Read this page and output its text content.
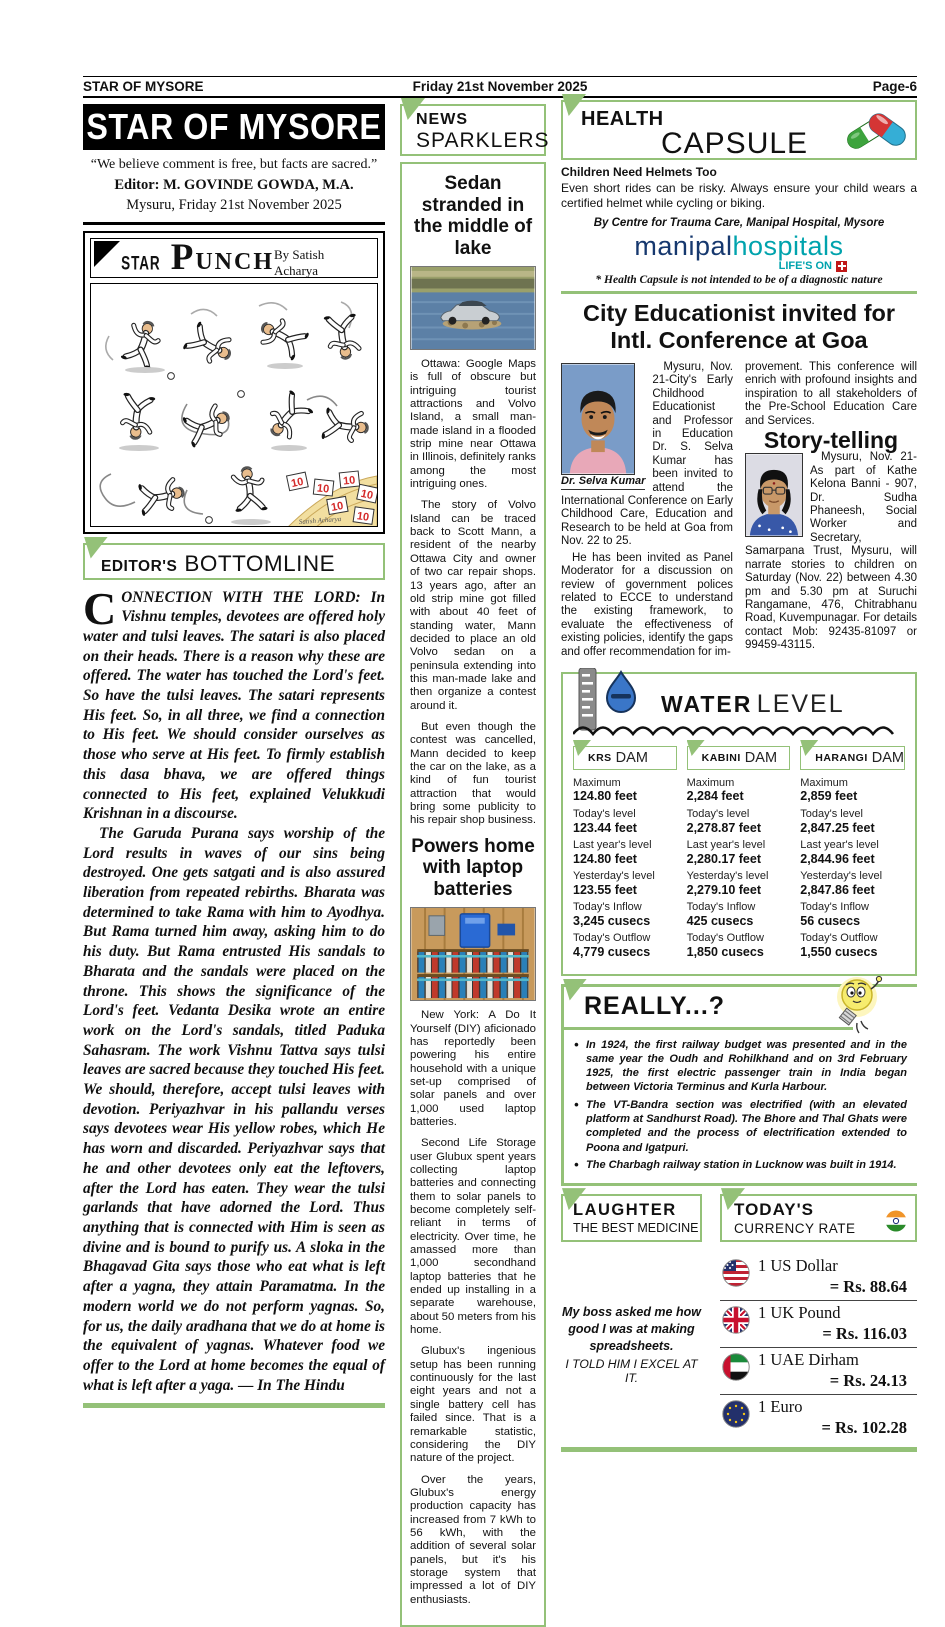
STAR OF MYSORE	Friday 21st November 2025	Page-6
STAR OF MYSORE
“We believe comment is free, but facts are sacred.”
Editor: M. GOVINDE GOWDA, M.A.
Mysuru, Friday 21st November 2025
STAR PUNCH By Satish Acharya
10 10
10
10
10
10
Satish Acharya
EDITOR'S BOTTOMLINE

CONNECTION WITH THE LORD: In Vishnu temples, devotees are offered holy water and tulsi leaves. The satari is also placed on their heads. There is a reason why these are offered. The water has touched the Lord's feet. So have the tulsi leaves. The satari represents His feet. So, in all three, we find a connection to His feet. We should consider ourselves as those who serve at His feet. To firmly establish this dasa bhava, we are offered things connected to His feet, explained Velukkudi Krishnan in a discourse.

The Garuda Purana says worship of the Lord results in waves of our sins being destroyed. One gets satgati and is also assured liberation from repeated rebirths. Bharata was determined to take Rama with him to Ayodhya. But Rama turned him away, asking him to do his duty. But Rama entrusted His sandals to Bharata and the sandals were placed on the throne. This shows the significance of the Lord's feet. Vedanta Desika wrote an entire work on the Lord's sandals, titled Paduka Sahasram. The work Vishnu Tattva says tulsi leaves are sacred because they touched His feet. We should, therefore, accept tulsi leaves with devotion. Periyazhvar in his pallandu verses says devotees wear His yellow robes, which He has worn and discarded. Periyazhvar says that he and other devotees only eat the leftovers, after the Lord has eaten. They wear the tulsi garlands that have adorned the Lord. Thus anything that is connected with Him is seen as divine and is bound to purify us. A sloka in the Bhagavad Gita says those who eat what is left after a yagna, they attain Paramatma. In the modern world we do not perform yagnas. So, for us, the daily aradhana that we do at home is the equivalent of yagnas. Whatever food we offer to the Lord at home becomes the equal of what is left after a yaga. — In The Hindu

NEWS
SPARKLERS
Sedan stranded in the middle of lake

Ottawa: Google Maps is full of obscure but intriguing tourist attractions and Volvo Island, a small man-made island in a flooded strip mine near Ottawa in Illinois, definitely ranks among the most intriguing ones.

The story of Volvo Island can be traced back to Scott Mann, a resident of the nearby Ottawa City and owner of two car repair shops. 13 years ago, after an old strip mine got filled with about 40 feet of standing water, Mann decided to place an old Volvo sedan on a peninsula extending into this man-made lake and then organize a contest around it.

But even though the contest was cancelled, Mann decided to keep the car on the lake, as a kind of fun tourist attraction that would bring some publicity to his repair shop business.

Powers home with laptop batteries

New York: A Do It Yourself (DIY) aficionado has reportedly been powering his entire household with a unique set-up comprised of solar panels and over 1,000 used laptop batteries.

Second Life Storage user Glubux spent years collecting laptop batteries and connecting them to solar panels to become completely self-reliant in terms of electricity. Over time, he amassed more than 1,000 secondhand laptop batteries that he ended up installing in a separate warehouse, about 50 meters from his home.

Glubux's ingenious setup has been running continuously for the last eight years and not a single battery cell has failed since. That is a remarkable statistic, considering the DIY nature of the project.

Over the years, Glubux's energy production capacity has increased from 7 kWh to 56 kWh, with the addition of several solar panels, but it's his storage system that impressed a lot of DIY enthusiasts.

HEALTH
CAPSULE
Children Need Helmets Too
Even short rides can be risky. Always ensure your child wears a certified helmet while cycling or biking.
By Centre for Trauma Care, Manipal Hospital, Mysore
manipal hospitals
LIFE'S ON
* Health Capsule is not intended to be of a diagnostic nature
City Educationist invited for Intl. Conference at Goa
Dr. Selva Kumar

Mysuru, Nov. 21-City's Early Childhood Educationist and Professor in Education Dr. S. Selva Kumar has been invited to attend the International Conference on Early Childhood Care, Education and Research to be held at Goa from Nov. 22 to 25.

He has been invited as Panel Moderator for a discussion on review of government polices related to ECCE to understand the existing framework, to evaluate the effectiveness of existing policies, identify the gaps and offer recommendation for im-

provement. This conference will enrich with profound insights and inspiration to all stakeholders of the Pre-School Education Care and Services.

Story-telling

Mysuru, Nov. 21- As part of Kathe Kelona Banni - 907, Dr. Sudha Phaneesh, Social Worker and Secretary, Samarpana Trust, Mysuru, will narrate stories to children on Saturday (Nov. 22) between 4.30 pm and 5.30 pm at Suruchi Rangamane, 476, Chitrabhanu Road, Kuvempunagar. For details contact Mob: 92435-81097 or 99459-43115.

WATER LEVEL
KRS DAM
Maximum
124.80 feet
Today's level
123.44 feet
Last year's level
124.80 feet
Yesterday's level
123.55 feet
Today's Inflow
3,245 cusecs
Today's Outflow
4,779 cusecs
KABINI DAM
Maximum
2,284 feet
Today's level
2,278.87 feet
Last year's level
2,280.17 feet
Yesterday's level
2,279.10 feet
Today's Inflow
425 cusecs
Today's Outflow
1,850 cusecs
HARANGI DAM
Maximum
2,859 feet
Today's level
2,847.25 feet
Last year's level
2,844.96 feet
Yesterday's level
2,847.86 feet
Today's Inflow
56 cusecs
Today's Outflow
1,550 cusecs
REALLY...?
• In 1924, the first railway budget was presented and in the same year the Oudh and Rohilkhand and on 3rd February 1925, the first electric passenger train in India began between Victoria Terminus and Kurla Harbour.
• The VT-Bandra section was electrified (with an elevated platform at Sandhurst Road). The Bhore and Thal Ghats were completed and the process of electrification extended to Poona and Igatpuri.
• The Charbagh railway station in Lucknow was built in 1914.
LAUGHTER
THE BEST MEDICINE
My boss asked me how good I was at making spreadsheets.
I TOLD HIM I EXCEL AT IT.
TODAY'S
CURRENCY RATE
1 US Dollar
= Rs. 88.64
1 UK Pound
= Rs. 116.03
1 UAE Dirham
= Rs. 24.13
1 Euro
= Rs. 102.28
